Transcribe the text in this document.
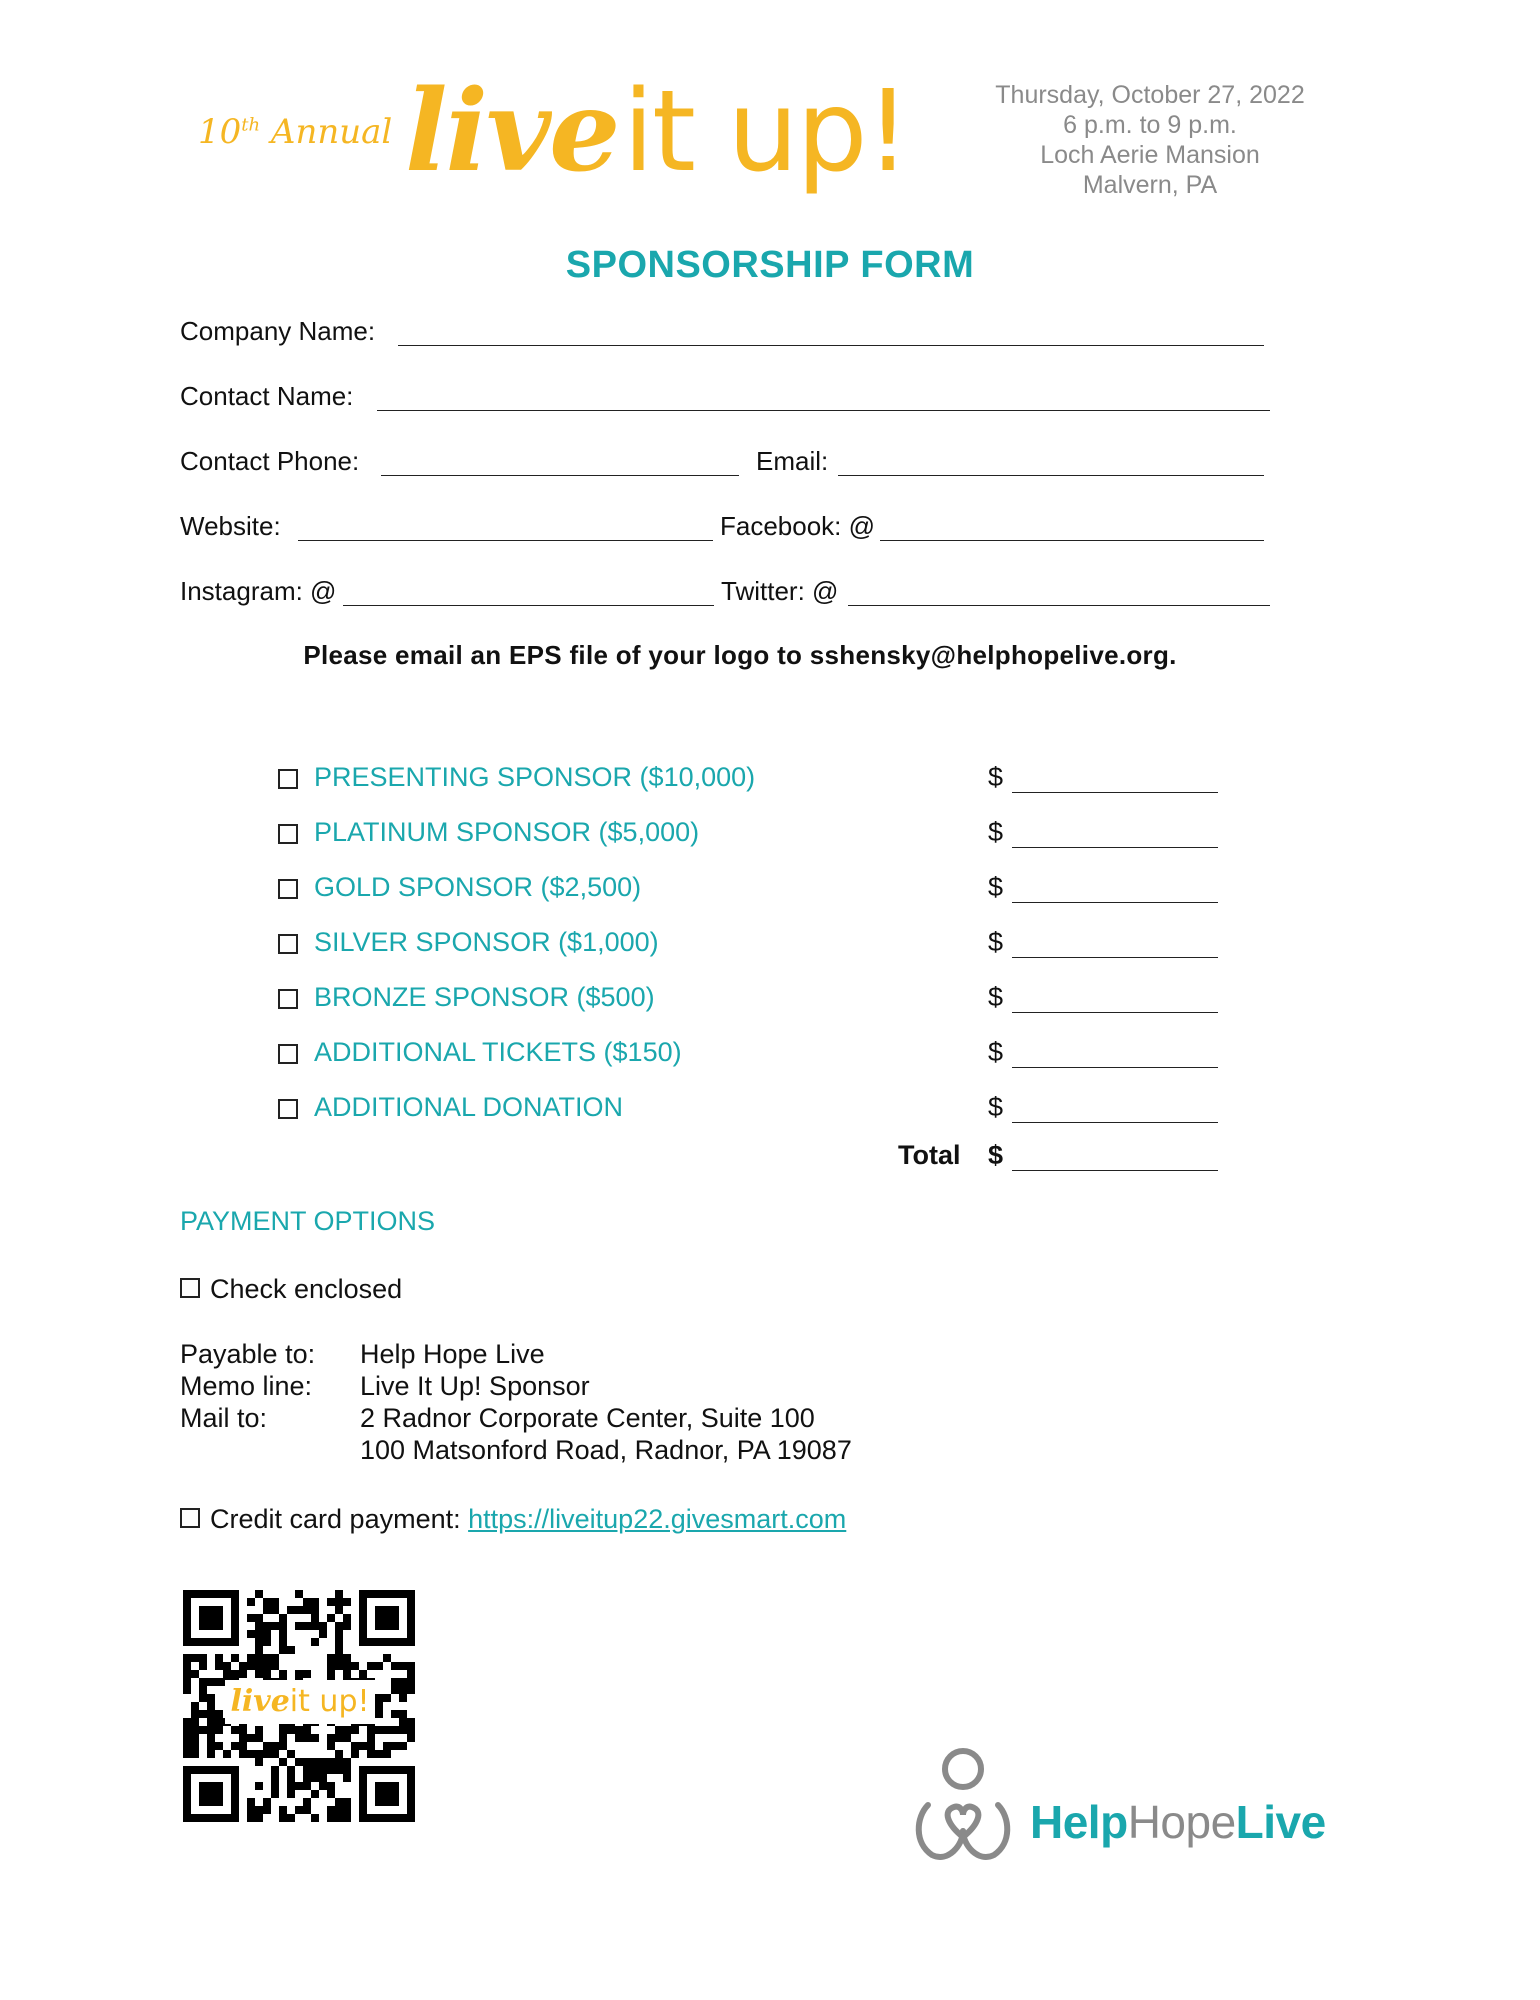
10th Annual live it up!	Thursday, October 27, 2022
6 p.m. to 9 p.m.
Loch Aerie Mansion
Malvern, PA
SPONSORSHIP FORM
Company Name:
Contact Name:
Contact Phone:	Email:
Website:	Facebook: @
Instagram: @	Twitter: @
Please email an EPS file of your logo to sshensky@helphopelive.org.
PRESENTING SPONSOR ($10,000)	$
PLATINUM SPONSOR ($5,000)	$
GOLD SPONSOR ($2,500)	$
SILVER SPONSOR ($1,000)	$
BRONZE SPONSOR ($500)	$
ADDITIONAL TICKETS ($150)	$
ADDITIONAL DONATION	$
Total $
PAYMENT OPTIONS
Check enclosed
Payable to:	Help Hope Live
Memo line:	Live It Up! Sponsor
Mail to:	2 Radnor Corporate Center, Suite 100
	100 Matsonford Road, Radnor, PA 19087
Credit card payment: https://liveitup22.givesmart.com
liveit up!
HelpHopeLive
